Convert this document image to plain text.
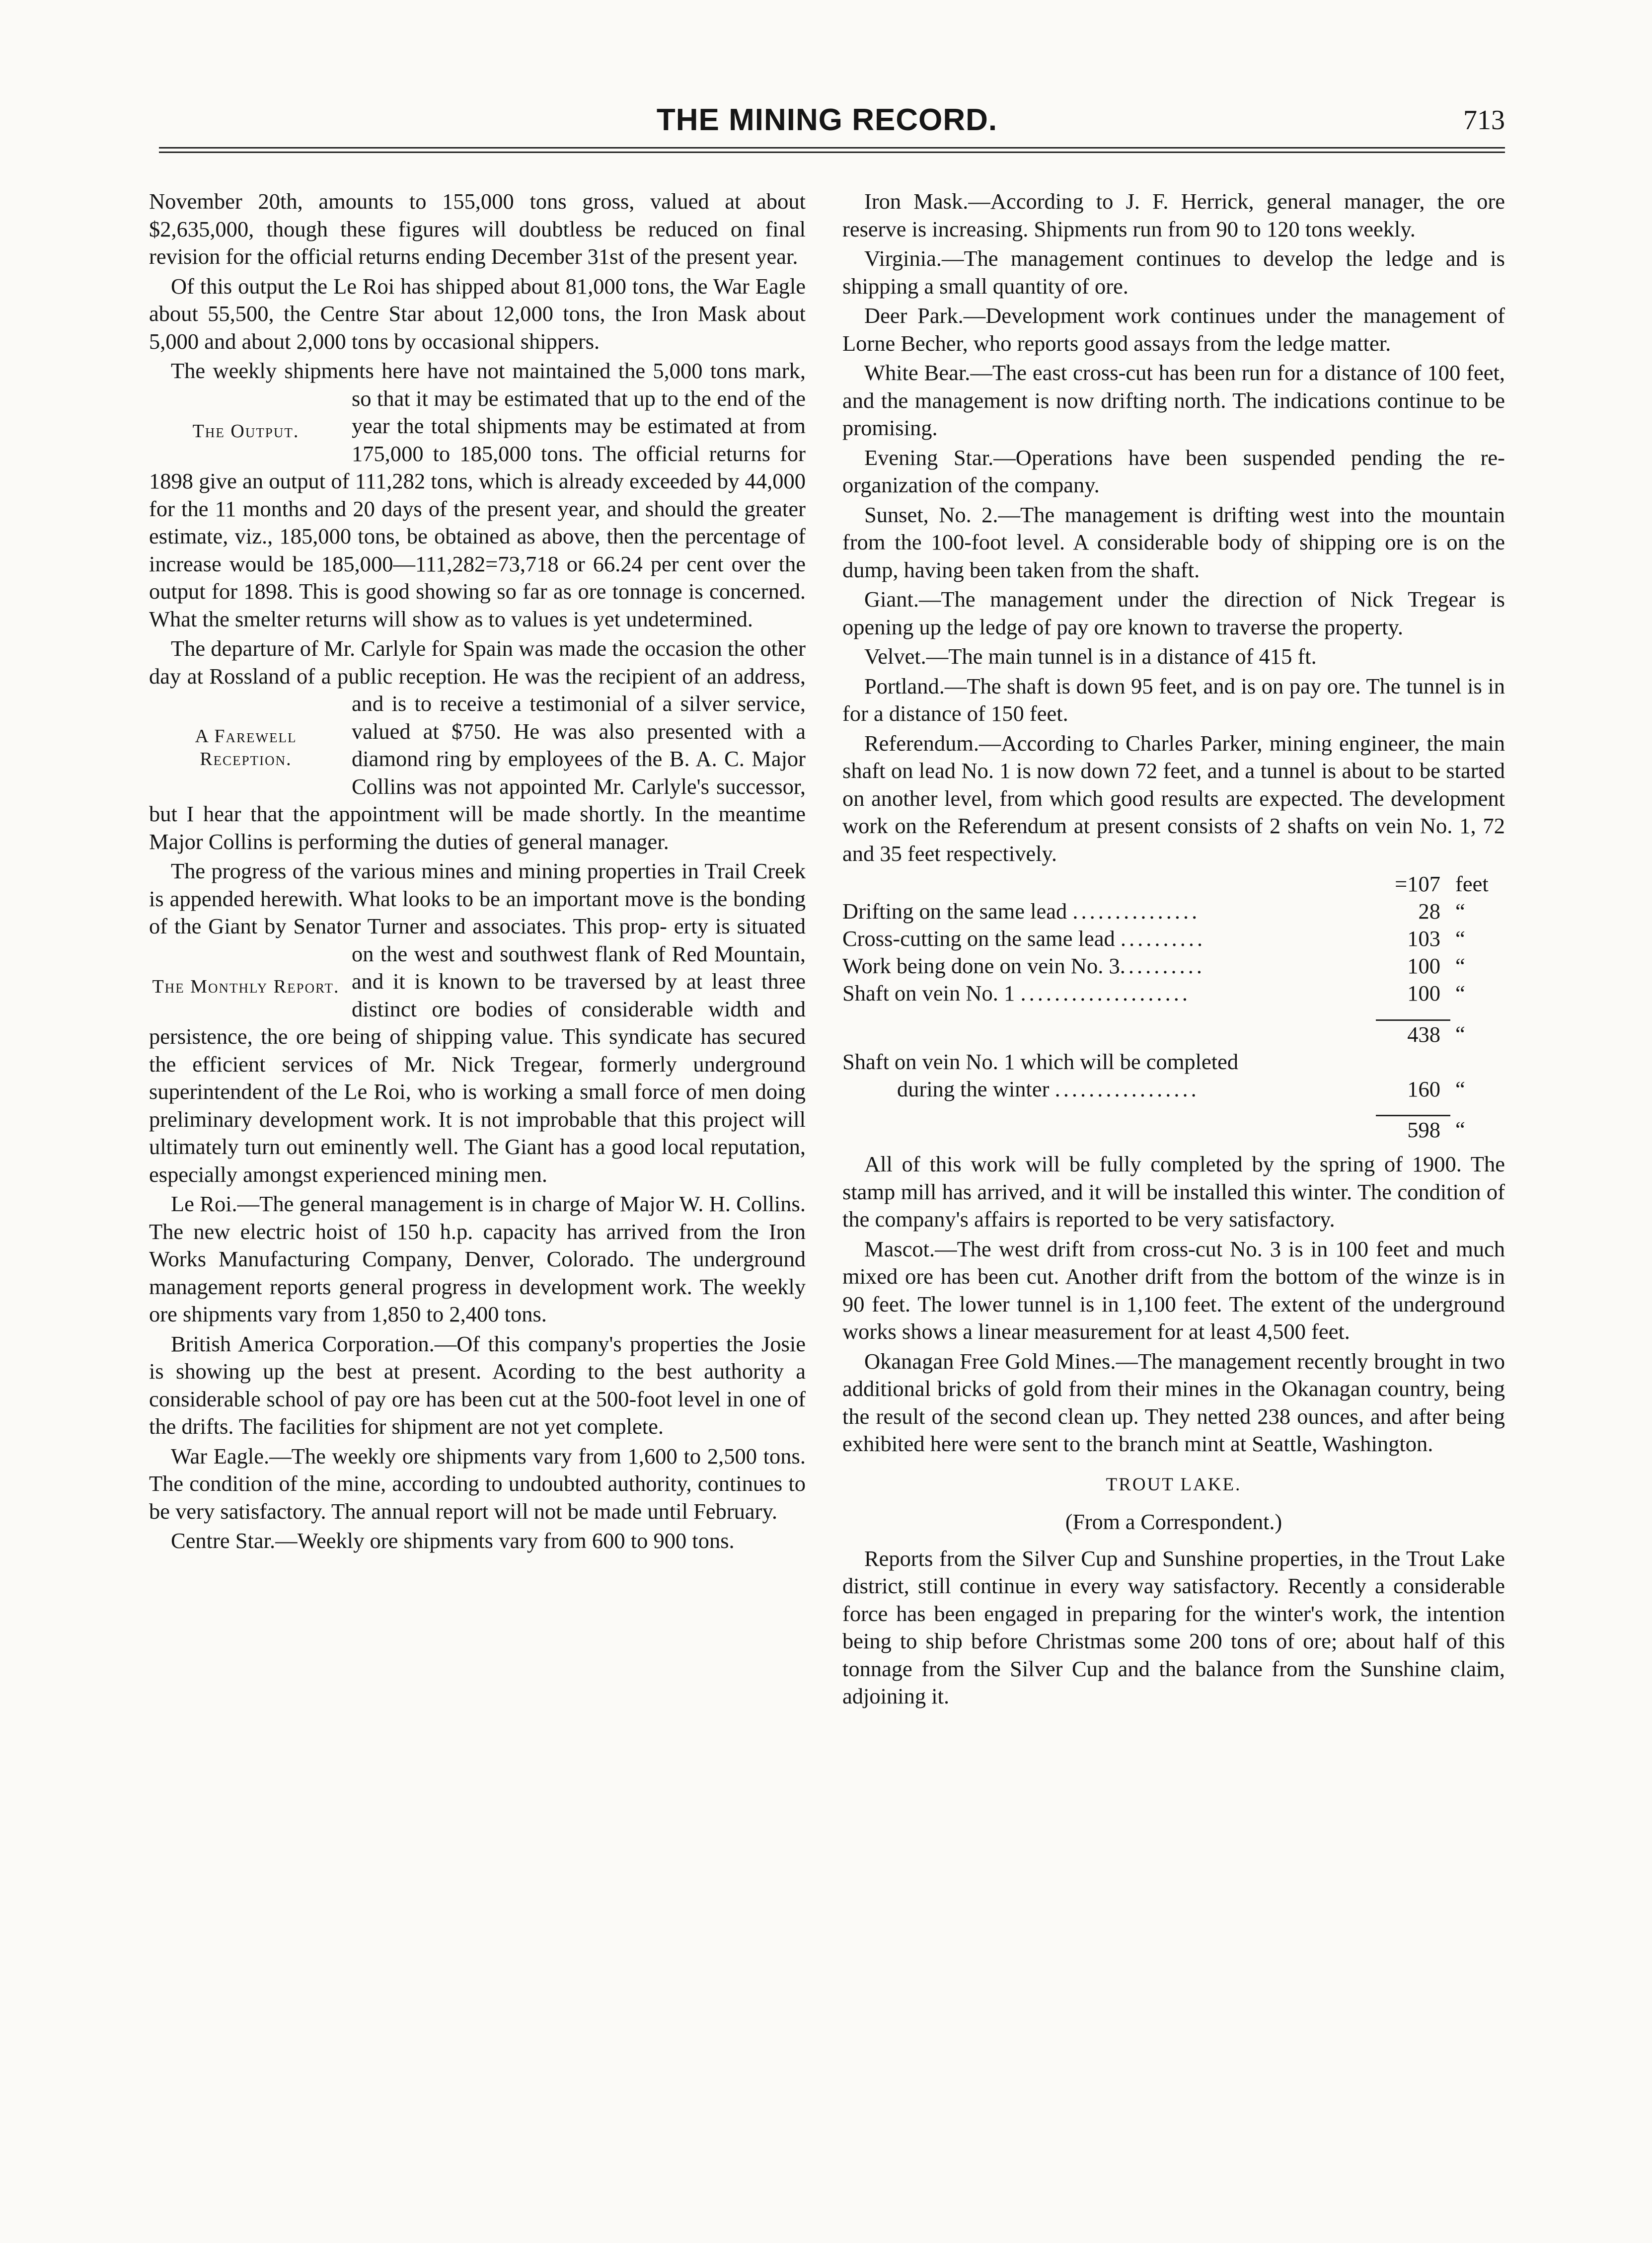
THE MINING RECORD.	713

November 20th, amounts to 155,000 tons gross, valued at about $2,635,000, though these figures will doubtless be reduced on final revision for the official returns ending December 31st of the present year.

Of this output the Le Roi has shipped about 81,000 tons, the War Eagle about 55,500, the Centre Star about 12,000 tons, the Iron Mask about 5,000 and about 2,000 tons by occasional shippers.

The weekly shipments here have not maintained the 5,000 tons mark, so that it may be estimated that
The Output.
up to the end of the year the total shipments may be estimated at from 175,000 to 185,000 tons. The official returns for 1898 give an output of 111,282 tons, which is already exceeded by 44,000 for the 11 months and 20 days of the present year, and should the greater estimate, viz., 185,000 tons, be obtained as above, then the percentage of increase would be 185,000—111,282=73,718 or 66.24 per cent over the output for 1898. This is good showing so far as ore tonnage is concerned. What the smelter returns will show as to values is yet undetermined.

The departure of Mr. Carlyle for Spain was made the occasion the other day at Rossland of a public reception. He was the recipient of an address, and
A Farewell Reception.
is to receive a testimonial of a silver service, valued at $750. He was also presented with a diamond ring by employees of the B. A. C. Major Collins was not appointed Mr. Carlyle's successor, but I hear that the appointment will be made shortly. In the meantime Major Collins is performing the duties of general manager.

The progress of the various mines and mining properties in Trail Creek is appended herewith. What looks to be an important move is the bonding of the Giant by Senator Turner and associates. This prop-
The Monthly Report.
erty is situated on the west and southwest flank of Red Mountain, and it is known to be traversed by at least three distinct ore bodies of considerable width and persistence, the ore being of shipping value. This syndicate has secured the efficient services of Mr. Nick Tregear, formerly underground superintendent of the Le Roi, who is working a small force of men doing preliminary development work. It is not improbable that this project will ultimately turn out eminently well. The Giant has a good local reputation, especially amongst experienced mining men.

Le Roi.—The general management is in charge of Major W. H. Collins. The new electric hoist of 150 h.p. capacity has arrived from the Iron Works Manufacturing Company, Denver, Colorado. The underground management reports general progress in development work. The weekly ore shipments vary from 1,850 to 2,400 tons.

British America Corporation.—Of this company's properties the Josie is showing up the best at present. Acording to the best authority a considerable school of pay ore has been cut at the 500-foot level in one of the drifts. The facilities for shipment are not yet complete.

War Eagle.—The weekly ore shipments vary from 1,600 to 2,500 tons. The condition of the mine, according to undoubted authority, continues to be very satisfactory. The annual report will not be made until February.

Centre Star.—Weekly ore shipments vary from 600 to 900 tons.

Iron Mask.—According to J. F. Herrick, general manager, the ore reserve is increasing. Shipments run from 90 to 120 tons weekly.

Virginia.—The management continues to develop the ledge and is shipping a small quantity of ore.

Deer Park.—Development work continues under the management of Lorne Becher, who reports good assays from the ledge matter.

White Bear.—The east cross-cut has been run for a distance of 100 feet, and the management is now drifting north. The indications continue to be promising.

Evening Star.—Operations have been suspended pending the re-organization of the company.

Sunset, No. 2.—The management is drifting west into the mountain from the 100-foot level. A considerable body of shipping ore is on the dump, having been taken from the shaft.

Giant.—The management under the direction of Nick Tregear is opening up the ledge of pay ore known to traverse the property.

Velvet.—The main tunnel is in a distance of 415 ft.

Portland.—The shaft is down 95 feet, and is on pay ore. The tunnel is in for a distance of 150 feet.

Referendum.—According to Charles Parker, mining engineer, the main shaft on lead No. 1 is now down 72 feet, and a tunnel is about to be started on another level, from which good results are expected. The development work on the Referendum at present consists of 2 shafts on vein No. 1, 72 and 35 feet respectively.

	=107	feet
Drifting on the same lead ...............	28	“
Cross-cutting on the same lead ..........	103	“
Work being done on vein No. 3..........	100	“
Shaft on vein No. 1 ....................	100	“

	438	“
Shaft on vein No. 1 which will be completed		
during the winter .................	160	“

	598	“

All of this work will be fully completed by the spring of 1900. The stamp mill has arrived, and it will be installed this winter. The condition of the company's affairs is reported to be very satisfactory.

Mascot.—The west drift from cross-cut No. 3 is in 100 feet and much mixed ore has been cut. Another drift from the bottom of the winze is in 90 feet. The lower tunnel is in 1,100 feet. The extent of the underground works shows a linear measurement for at least 4,500 feet.

Okanagan Free Gold Mines.—The management recently brought in two additional bricks of gold from their mines in the Okanagan country, being the result of the second clean up. They netted 238 ounces, and after being exhibited here were sent to the branch mint at Seattle, Washington.

TROUT LAKE.

(From a Correspondent.)

Reports from the Silver Cup and Sunshine properties, in the Trout Lake district, still continue in every way satisfactory. Recently a considerable force has been engaged in preparing for the winter's work, the intention being to ship before Christmas some 200 tons of ore; about half of this tonnage from the Silver Cup and the balance from the Sunshine claim, adjoining it.
